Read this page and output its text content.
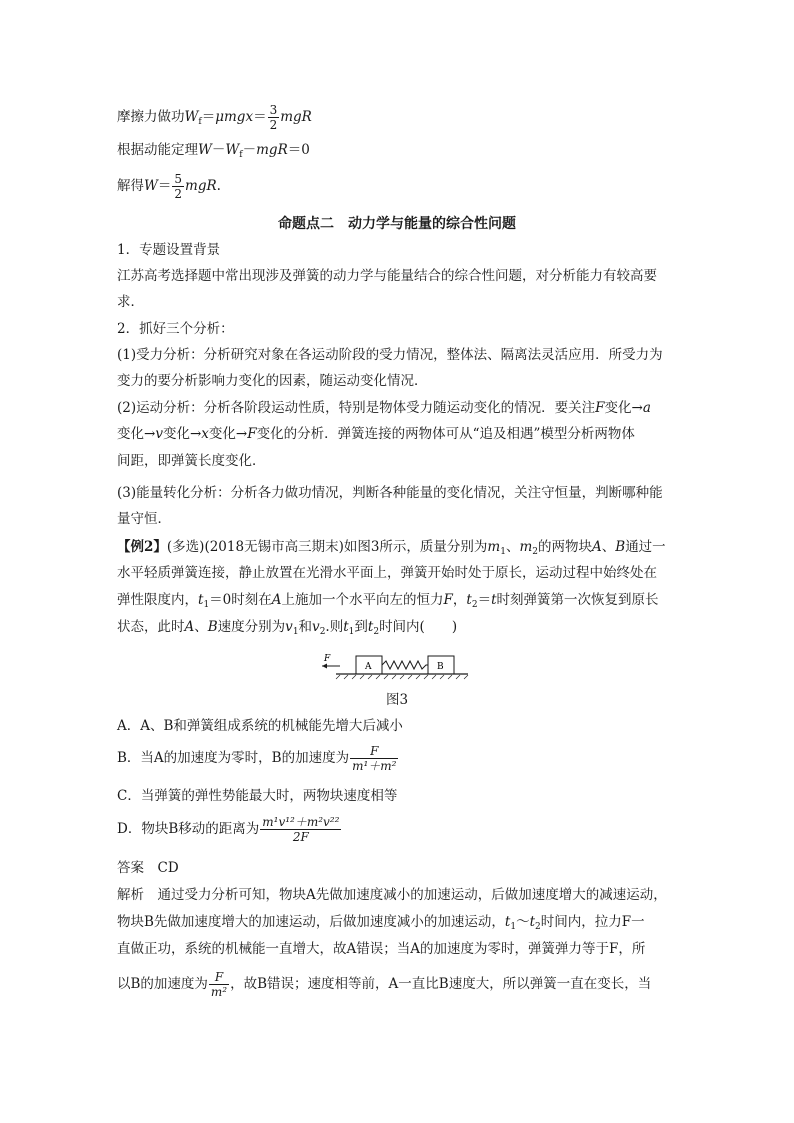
摩擦力做功$W_f=\mu mgx= \frac{3}{2}$ mgR
根据动能定理$W-W_f-mgR=0$
解得$W= \frac{5}{2}$ mgR.
命题点二　动力学与能量的综合性问题
1．专题设置背景
江苏高考选择题中常出现涉及弹簧的动力学与能量结合的综合性问题，对分析能力有较高要
求．
2．抓好三个分析：
(1)受力分析：分析研究对象在各运动阶段的受力情况，整体法、隔离法灵活应用．所受力为
变力的要分析影响力变化的因素，随运动变化情况．
(2)运动分析：分析各阶段运动性质，特别是物体受力随运动变化的情况．要关注F变化→a
变化→v变化→x变化→F变化的分析．弹簧连接的两物体可从“追及相遇”模型分析两物体
间距，即弹簧长度变化．
(3)能量转化分析：分析各力做功情况，判断各种能量的变化情况，关注守恒量，判断哪种能
量守恒．
【例2】(多选)(2018无锡市高三期末)如图3所示，质量分别为$m_1$、$m_2$的两物块A、B通过一
水平轻质弹簧连接，静止放置在光滑水平面上，弹簧开始时处于原长，运动过程中始终处在
弹性限度内，$t_1=0$时刻在A上施加一个水平向左的恒力F，$t_2=t$时刻弹簧第一次恢复到原长
状态，此时A、B速度分别为$v_1$和$v_2$.则$t_1$到$t_2$时间内(　　)
F
A	B
图3
A．A、B和弹簧组成系统的机械能先增大后减小
B．当A的加速度为零时，B的加速度为 $\frac{F}{\text{m¹＋m²}}$
C．当弹簧的弹性势能最大时，两物块速度相等
D．物块B移动的距离为 $\frac{\text{m¹v¹²＋m²v²²}}{2F}$
答案　 CD
解析　 通过受力分析可知，物块A先做加速度减小的加速运动，后做加速度增大的减速运动，
物块B先做加速度增大的加速运动，后做加速度减小的加速运动，$t_1\sim t_2$时间内，拉力F一
直做正功，系统的机械能一直增大，故A错误；当A的加速度为零时，弹簧弹力等于F，所
以B的加速度为 $\frac{F}{\text{m²}}$ ，故B错误；速度相等前，A一直比B速度大，所以弹簧一直在变长，当
